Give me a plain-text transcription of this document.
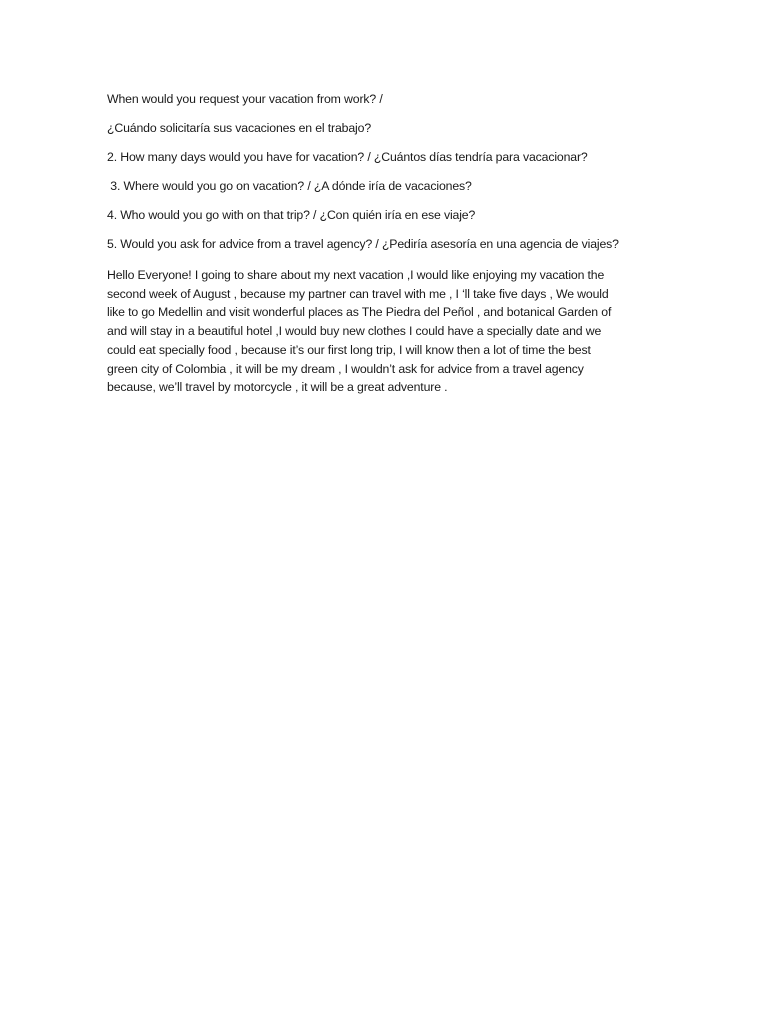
When would you request your vacation from work? /

¿Cuándo solicitaría sus vacaciones en el trabajo?

2. How many days would you have for vacation? / ¿Cuántos días tendría para vacacionar?

3. Where would you go on vacation? / ¿A dónde iría de vacaciones?

4. Who would you go with on that trip? / ¿Con quién iría en ese viaje?

5. Would you ask for advice from a travel agency? / ¿Pediría asesoría en una agencia de viajes?

Hello Everyone! I going to share about my next vacation ,I would like enjoying my vacation the
second week of August , because my partner can travel with me , I ‘ll take five days , We would
like to go Medellin and visit wonderful places as The Piedra del Peñol , and botanical Garden of
and will stay in a beautiful hotel ,I would buy new clothes I could have a specially date and we
could eat specially food , because it’s our first long trip, I will know then a lot of time the best
green city of Colombia , it will be my dream , I wouldn’t ask for advice from a travel agency
because, we’ll travel by motorcycle , it will be a great adventure .
